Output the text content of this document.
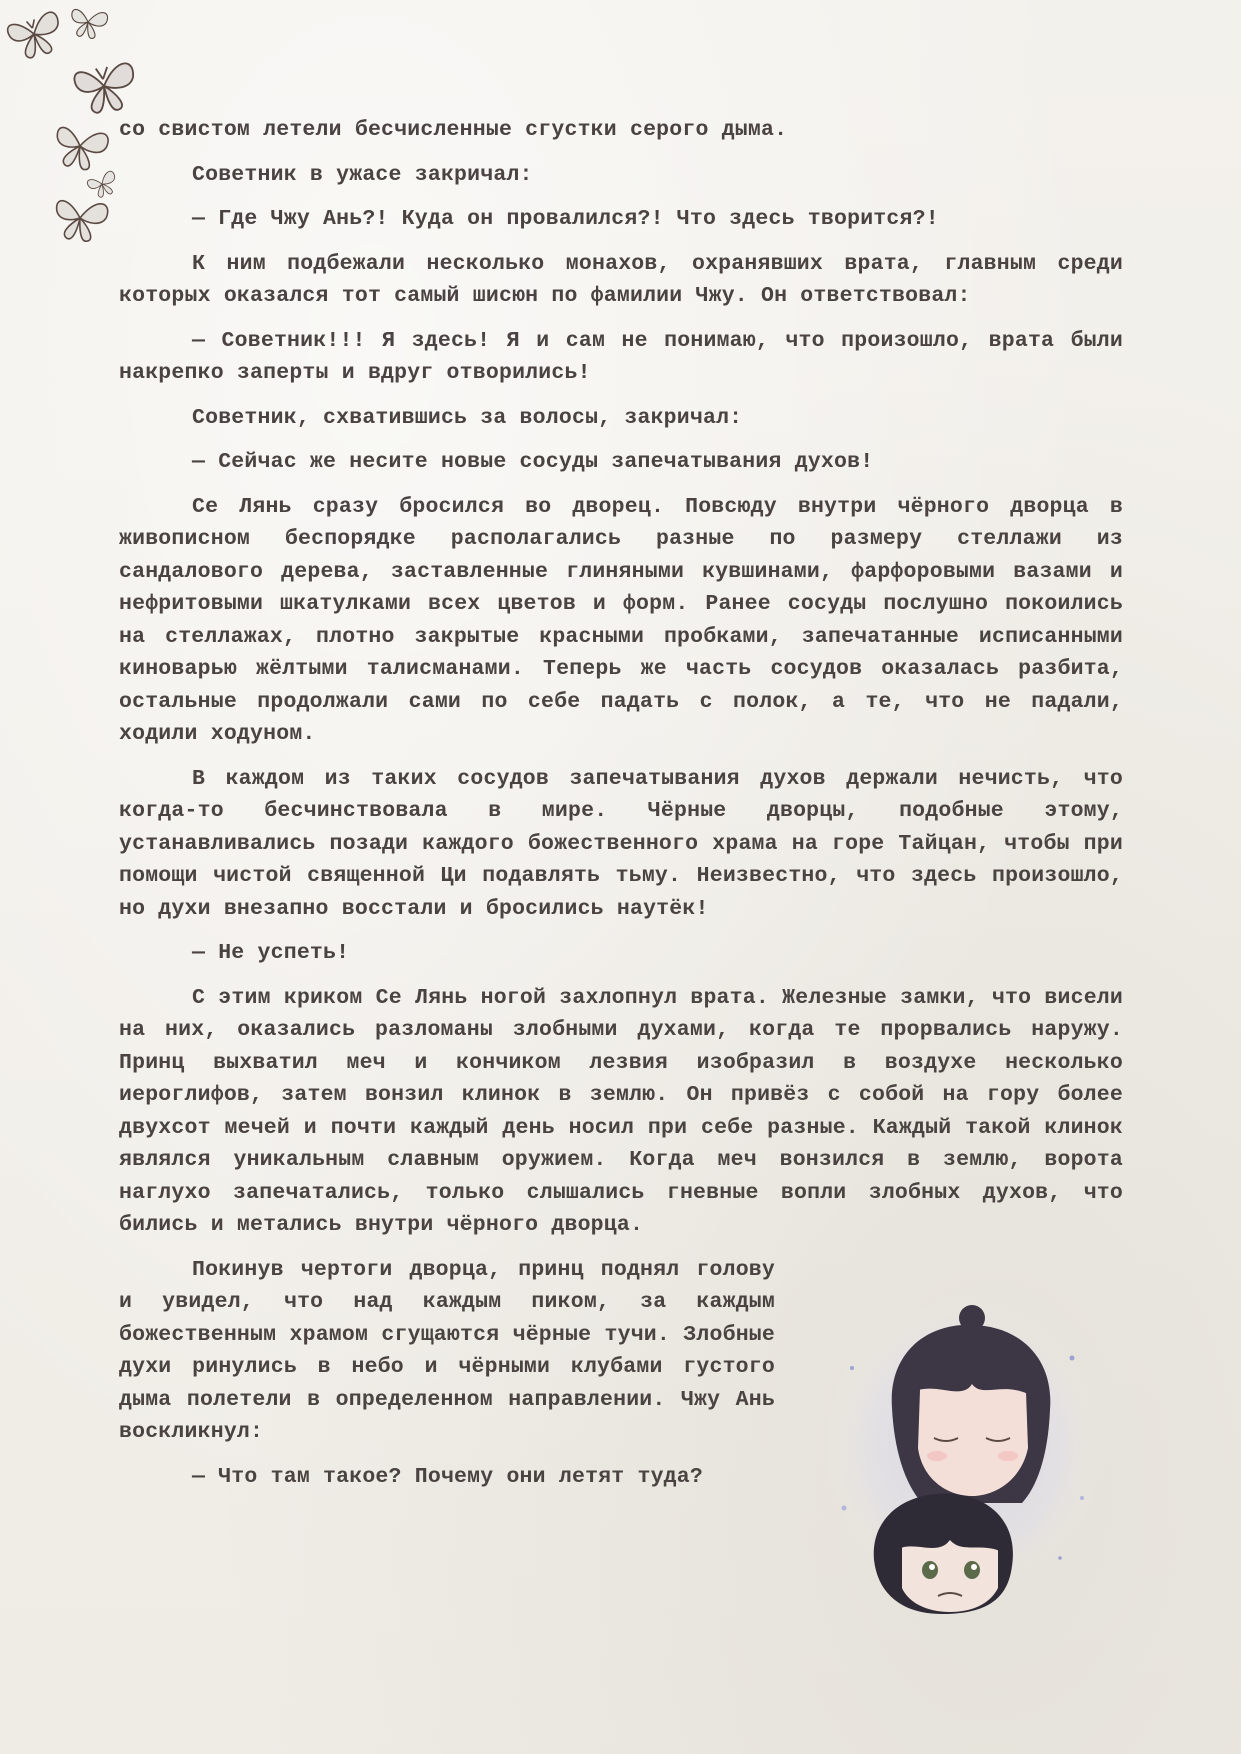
со свистом летели бесчисленные сгустки серого дыма.

Советник в ужасе закричал:

— Где Чжу Ань?! Куда он провалился?! Что здесь творится?!

К ним подбежали несколько монахов, охранявших врата, главным среди которых оказался тот самый шисюн по фамилии Чжу. Он ответствовал:

— Советник!!! Я здесь! Я и сам не понимаю, что произошло, врата были накрепко заперты и вдруг отворились!

Советник, схватившись за волосы, закричал:

— Сейчас же несите новые сосуды запечатывания духов!

Се Лянь сразу бросился во дворец. Повсюду внутри чёрного дворца в живописном беспорядке располагались разные по размеру стеллажи из сандалового дерева, заставленные глиняными кувшинами, фарфоровыми вазами и нефритовыми шкатулками всех цветов и форм. Ранее сосуды послушно покоились на стеллажах, плотно закрытые красными пробками, запечатанные исписанными киноварью жёлтыми талисманами. Теперь же часть сосудов оказалась разбита, остальные продолжали сами по себе падать с полок, а те, что не падали, ходили ходуном.

В каждом из таких сосудов запечатывания духов держали нечисть, что когда-то бесчинствовала в мире. Чёрные дворцы, подобные этому, устанавливались позади каждого божественного храма на горе Тайцан, чтобы при помощи чистой священной Ци подавлять тьму. Неизвестно, что здесь произошло, но духи внезапно восстали и бросились наутёк!

— Не успеть!

С этим криком Се Лянь ногой захлопнул врата. Железные замки, что висели на них, оказались разломаны злобными духами, когда те прорвались наружу. Принц выхватил меч и кончиком лезвия изобразил в воздухе несколько иероглифов, затем вонзил клинок в землю. Он привёз с собой на гору более двухсот мечей и почти каждый день носил при себе разные. Каждый такой клинок являлся уникальным славным оружием. Когда меч вонзился в землю, ворота наглухо запечатались, только слышались гневные вопли злобных духов, что бились и метались внутри чёрного дворца.

Покинув чертоги дворца, принц поднял голову и увидел, что над каждым пиком, за каждым божественным храмом сгущаются чёрные тучи. Злобные духи ринулись в небо и чёрными клубами густого дыма полетели в определенном направлении. Чжу Ань воскликнул:

— Что там такое? Почему они летят туда?
